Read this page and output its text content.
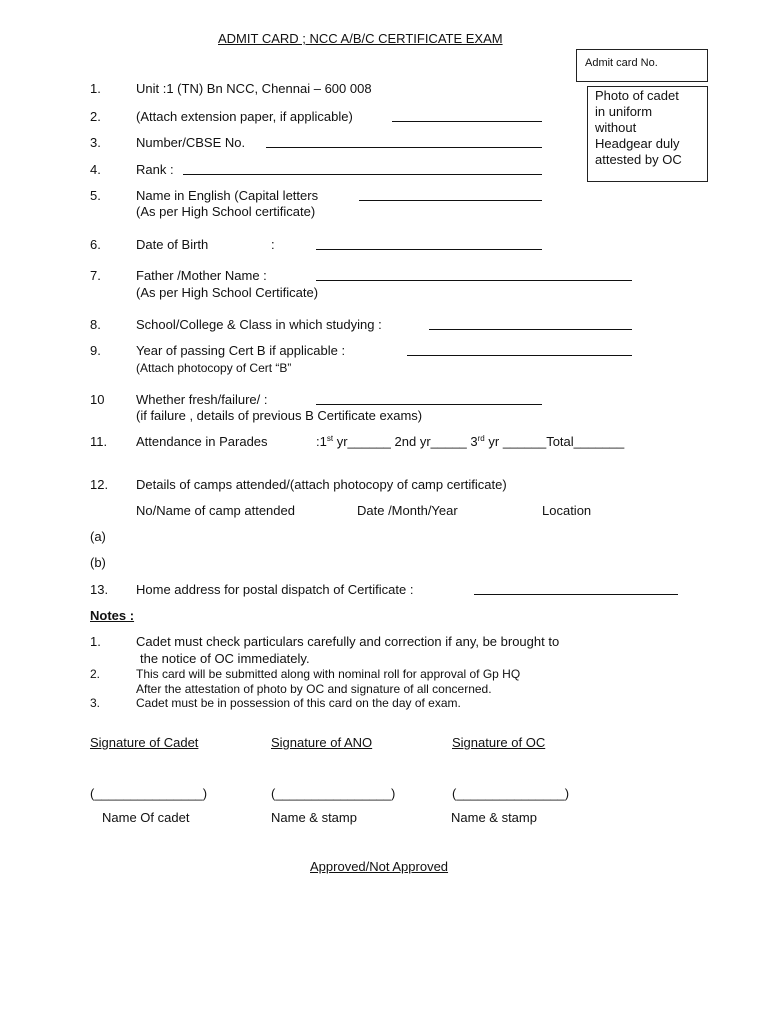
ADMIT CARD ; NCC A/B/C CERTIFICATE EXAM
Admit card No.
Photo of cadet
in uniform
without
Headgear duly
attested by OC
1.	Unit :1 (TN) Bn NCC, Chennai – 600 008
2.	(Attach extension paper, if applicable)
3.	Number/CBSE No.
4.	Rank :
5.	Name in English (Capital letters
(As per High School certificate)
6.	Date of Birth	:
7.	Father /Mother Name :
(As per High School Certificate)
8.	School/College & Class in which studying :
9.	Year of passing Cert B if applicable :
(Attach photocopy of Cert “B”
10 Whether fresh/failure/ :
(if failure , details of previous B Certificate exams)
11. Attendance in Parades	:1st yr______ 2nd yr_____ 3rd yr ______Total_______
12. Details of camps attended/(attach photocopy of camp certificate)
No/Name of camp attended	Date /Month/Year	Location
(a)
(b)
13. Home address for postal dispatch of Certificate :
Notes :
1.	Cadet must check particulars carefully and correction if any, be brought to
the notice of OC immediately.
2.	This card will be submitted along with nominal roll for approval of Gp HQ
After the attestation of photo by OC and signature of all concerned.
3.	Cadet must be in possession of this card on the day of exam.
Signature of Cadet	Signature of ANO	Signature of OC
(_______________)	(________________)	(_______________)
Name Of cadet	Name & stamp	Name & stamp
Approved/Not Approved
